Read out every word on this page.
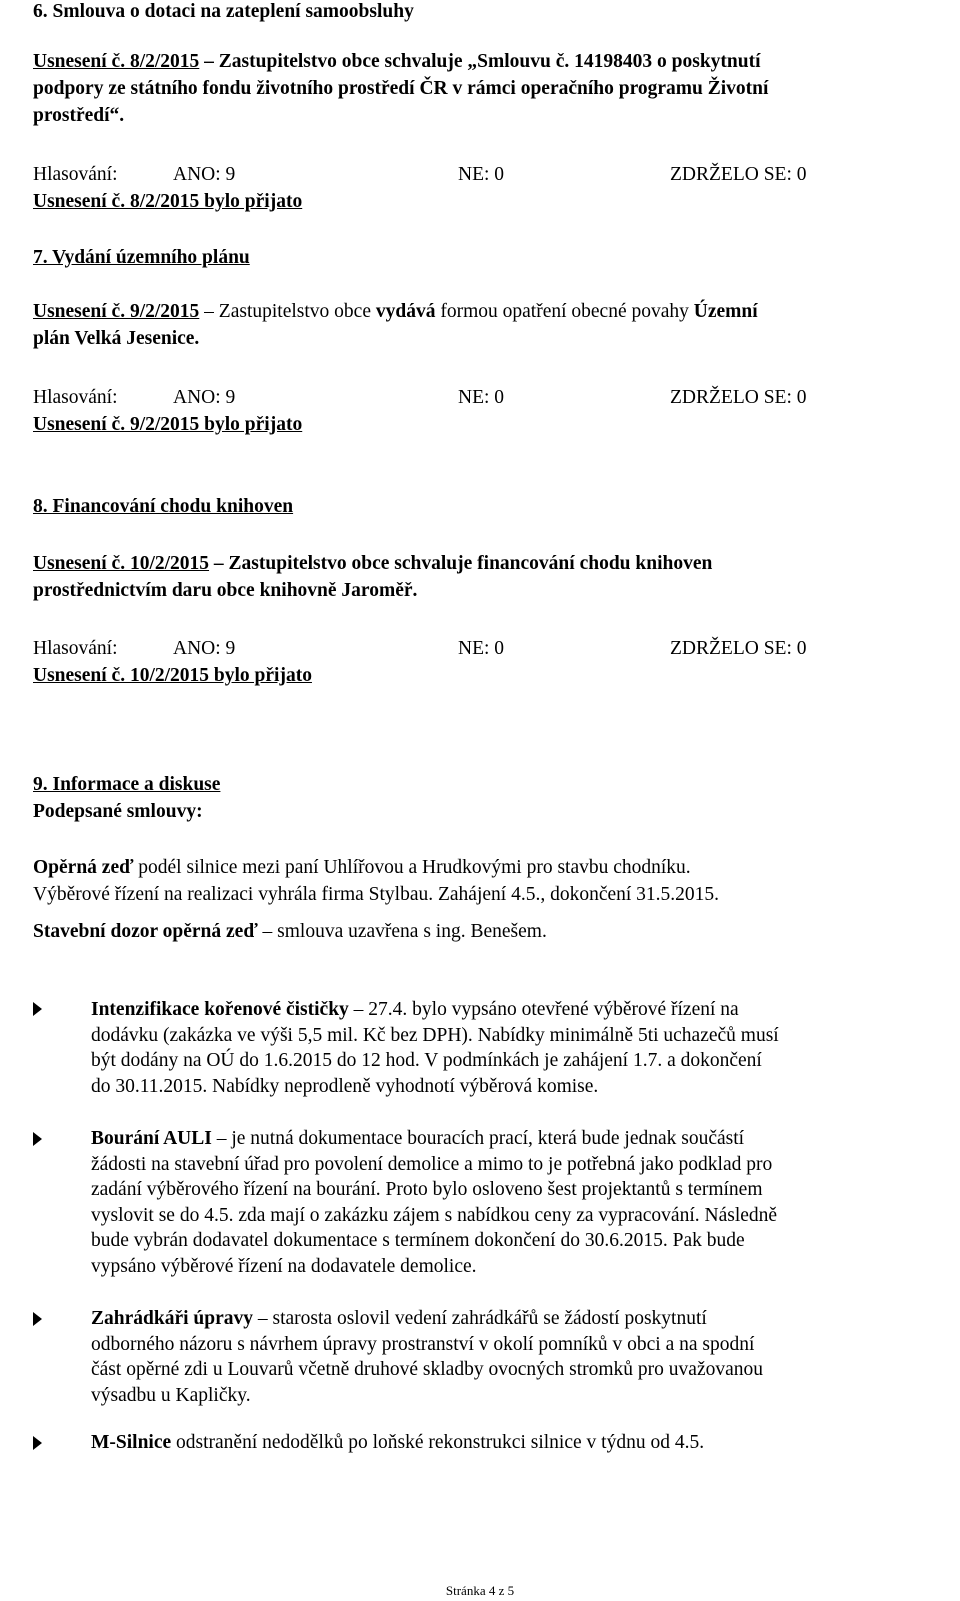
6. Smlouva o dotaci na zateplení samoobsluhy
Usnesení č. 8/2/2015 – Zastupitelstvo obce schvaluje „Smlouvu č. 14198403 o poskytnutí
podpory ze státního fondu životního prostředí ČR v rámci operačního programu Životní
prostředí“.
Hlasování:	ANO: 9	NE: 0	ZDRŽELO SE: 0
Usnesení č. 8/2/2015 bylo přijato
7. Vydání územního plánu
Usnesení č. 9/2/2015 – Zastupitelstvo obce vydává formou opatření obecné povahy Územní
plán Velká Jesenice.
Hlasování:	ANO: 9	NE: 0	ZDRŽELO SE: 0
Usnesení č. 9/2/2015 bylo přijato
8. Financování chodu knihoven
Usnesení č. 10/2/2015 – Zastupitelstvo obce schvaluje financování chodu knihoven
prostřednictvím daru obce knihovně Jaroměř.
Hlasování:	ANO: 9	NE: 0	ZDRŽELO SE: 0
Usnesení č. 10/2/2015 bylo přijato
9. Informace a diskuse
Podepsané smlouvy:
Opěrná zeď podél silnice mezi paní Uhlířovou a Hrudkovými pro stavbu chodníku.
Výběrové řízení na realizaci vyhrála firma Stylbau. Zahájení 4.5., dokončení 31.5.2015.
Stavební dozor opěrná zeď – smlouva uzavřena s ing. Benešem.

Intenzifikace kořenové čističky – 27.4. bylo vypsáno otevřené výběrové řízení na

dodávku (zakázka ve výši 5,5 mil. Kč bez DPH). Nabídky minimálně 5ti uchazečů musí

být dodány na OÚ do 1.6.2015 do 12 hod. V podmínkách je zahájení 1.7. a dokončení

do 30.11.2015. Nabídky neprodleně vyhodnotí výběrová komise.

Bourání AULI – je nutná dokumentace bouracích prací, která bude jednak součástí

žádosti na stavební úřad pro povolení demolice a mimo to je potřebná jako podklad pro

zadání výběrového řízení na bourání. Proto bylo osloveno šest projektantů s termínem

vyslovit se do 4.5. zda mají o zakázku zájem s nabídkou ceny za vypracování. Následně

bude vybrán dodavatel dokumentace s termínem dokončení do 30.6.2015. Pak bude

vypsáno výběrové řízení na dodavatele demolice.

Zahrádkáři úpravy – starosta oslovil vedení zahrádkářů se žádostí poskytnutí

odborného názoru s návrhem úpravy prostranství v okolí pomníků v obci a na spodní

část opěrné zdi u Louvarů včetně druhové skladby ovocných stromků pro uvažovanou

výsadbu u Kapličky.

M-Silnice odstranění nedodělků po loňské rekonstrukci silnice v týdnu od 4.5.

Stránka 4 z 5
